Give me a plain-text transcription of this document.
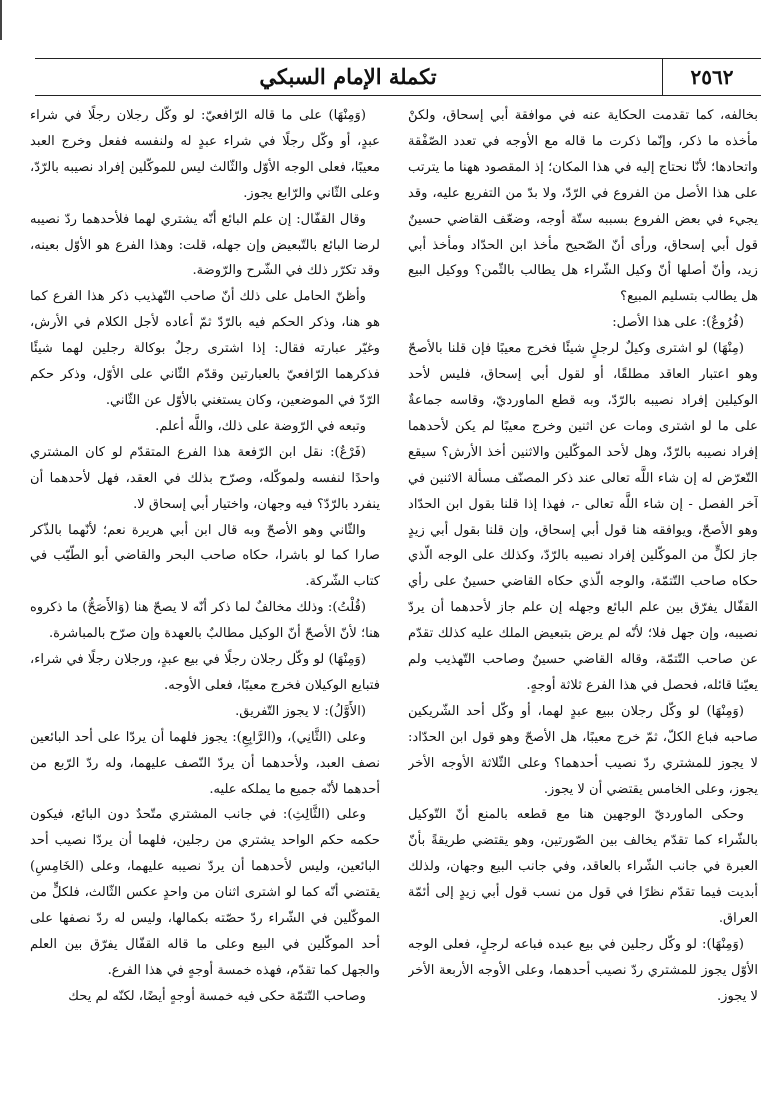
٢٥٦٢
تكملة الإمام السبكي

بخالفه، كما تقدمت الحكاية عنه في موافقة أبي إسحاق، ولكنْ مأخذه ما ذكر، وإنّما ذكرت ما قاله مع الأوجه في تعدد الصّفْقة واتحادها؛ لأنّا نحتاج إليه في هذا المكان؛ إذ المقصود ههنا ما يترتب على هذا الأصل من الفروع في الرّدّ، ولا بدّ من التفريع عليه، وقد يجيء في بعض الفروع بسببه ستّة أوجه، وضعّف القاضي حسينٌ قول أبي إسحاق، ورأى أنّ الصّحيح مأخذ ابن الحدّاد ومأخذ أبي زيد، وأنّ أصلها أنّ وكيل الشّراء هل يطالب بالثّمن؟ ووكيل البيع هل يطالب بتسليم المبيع؟

(فُرُوعٌ): على هذا الأصل:

(مِنْهَا) لو اشترى وكيلٌ لرجلٍ شيئًا فخرج معيبًا فإن قلنا بالأصحّ وهو اعتبار العاقد مطلقًا، أو لقول أبي إسحاق، فليس لأحد الوكيلين إفراد نصيبه بالرّدّ، وبه قطع الماورديّ، وقاسه جماعةٌ على ما لو اشترى ومات عن اثنين وخرج معيبًا لم يكن لأحدهما إفراد نصيبه بالرّدّ، وهل لأحد الموكّلين والاثنين أخذ الأرش؟ سيقع التّعرّض له إن شاء اللَّه تعالى عند ذكر المصنّف مسألة الاثنين في آخر الفصل - إن شاء اللَّه تعالى -، فهذا إذا قلنا بقول ابن الحدّاد وهو الأصحّ، ويوافقه هنا قول أبي إسحاق، وإن قلنا بقول أبي زيدٍ جاز لكلٍّ من الموكّلين إفراد نصيبه بالرّدّ، وكذلك على الوجه الّذي حكاه صاحب التّتمّة، والوجه الّذي حكاه القاضي حسينٌ على رأي القفّال يفرّق بين علم البائع وجهله إن علم جاز لأحدهما أن يردّ نصيبه، وإن جهل فلا؛ لأنّه لم يرض بتبعيض الملك عليه كذلك تقدّم عن صاحب التّتمّة، وقاله القاضي حسينٌ وصاحب التّهذيب ولم يعيّنا قائله، فحصل في هذا الفرع ثلاثة أوجهٍ.

(وَمِنْهَا) لو وكّل رجلان ببيع عبدٍ لهما، أو وكّل أحد الشّريكين صاحبه فباع الكلّ، ثمّ خرج معيبًا، هل الأصحّ وهو قول ابن الحدّاد: لا يجوز للمشتري ردّ نصيب أحدهما؟ وعلى الثّلاثة الأوجه الأخر يجوز، وعلى الخامس يقتضي أن لا يجوز.

وحكى الماورديّ الوجهين هنا مع قطعه بالمنع أنّ التّوكيل بالشّراء كما تقدّم يخالف بين الصّورتين، وهو يقتضي طريقةً بأنّ العبرة في جانب الشّراء بالعاقد، وفي جانب البيع وجهان، ولذلك أبديت فيما تقدّم نظرًا في قول من نسب قول أبي زيدٍ إلى أئمّة العراق.

(وَمِنْهَا): لو وكّل رجلين في بيع عبده فباعه لرجلٍ، فعلى الوجه الأوّل يجوز للمشتري ردّ نصيب أحدهما، وعلى الأوجه الأربعة الأخر لا يجوز.

(وَمِنْهَا) على ما قاله الرّافعيّ: لو وكّل رجلان رجلًا في شراء عبدٍ، أو وكّل رجلًا في شراء عبدٍ له ولنفسه ففعل وخرج العبد معيبًا، فعلى الوجه الأوّل والثّالث ليس للموكّلين إفراد نصيبه بالرّدّ، وعلى الثّاني والرّابع يجوز.

وقال القفّال: إن علم البائع أنّه يشتري لهما فلأحدهما ردّ نصيبه لرضا البائع بالتّبعيض وإن جهله، قلت: وهذا الفرع هو الأوّل بعينه، وقد تكرّر ذلك في الشّرح والرّوضة.

وأظنّ الحامل على ذلك أنّ صاحب التّهذيب ذكر هذا الفرع كما هو هنا، وذكر الحكم فيه بالرّدّ ثمّ أعاده لأجل الكلام في الأرش، وغيّر عبارته فقال: إذا اشترى رجلٌ بوكالة رجلين لهما شيئًا فذكرهما الرّافعيّ بالعبارتين وقدّم الثّاني على الأوّل، وذكر حكم الرّدّ في الموضعين، وكان يستغني بالأوّل عن الثّاني.

وتبعه في الرّوضة على ذلك، واللَّه أعلم.

(فَرْعٌ): نقل ابن الرّفعة هذا الفرع المتقدّم لو كان المشتري واحدًا لنفسه ولموكّله، وصرّح بذلك في العقد، فهل لأحدهما أن ينفرد بالرّدّ؟ فيه وجهان، واختيار أبي إسحاق لا.

والثّاني وهو الأصحّ وبه قال ابن أبي هريرة نعم؛ لأنّهما بالذّكر صارا كما لو باشرا، حكاه صاحب البحر والقاضي أبو الطّيّب في كتاب الشّركة.

(قُلْتُ): وذلك مخالفٌ لما ذكر أنّه لا يصحّ هنا (وَالأَصَحُّ) ما ذكروه هنا؛ لأنّ الأصحّ أنّ الوكيل مطالبٌ بالعهدة وإن صرّح بالمباشرة.

(وَمِنْهَا) لو وكّل رجلان رجلًا في بيع عبدٍ، ورجلان رجلًا في شراء، فتبايع الوكيلان فخرج معيبًا، فعلى الأوجه.

(الأَوَّلُ): لا يجوز التّفريق.

وعلى (الثَّانِي)، و(الرَّابِعِ): يجوز فلهما أن يردّا على أحد البائعين نصف العبد، ولأحدهما أن يردّ النّصف عليهما، وله ردّ الرّبع من أحدهما لأنّه جميع ما يملكه عليه.

وعلى (الثَّالِثِ): في جانب المشتري متّحدٌ دون البائع، فيكون حكمه حكم الواحد يشتري من رجلين، فلهما أن يردّا نصيب أحد البائعين، وليس لأحدهما أن يردّ نصيبه عليهما، وعلى (الخَامِسِ) يقتضي أنّه كما لو اشترى اثنان من واحدٍ عكس الثّالث، فلكلٍّ من الموكّلين في الشّراء ردّ حصّته بكمالها، وليس له ردّ نصفها على أحد الموكّلين في البيع وعلى ما قاله القفّال يفرّق بين العلم والجهل كما تقدّم، فهذه خمسة أوجهٍ في هذا الفرع.

وصاحب التّتمّة حكى فيه خمسة أوجهٍ أيضًا، لكنّه لم يحك
